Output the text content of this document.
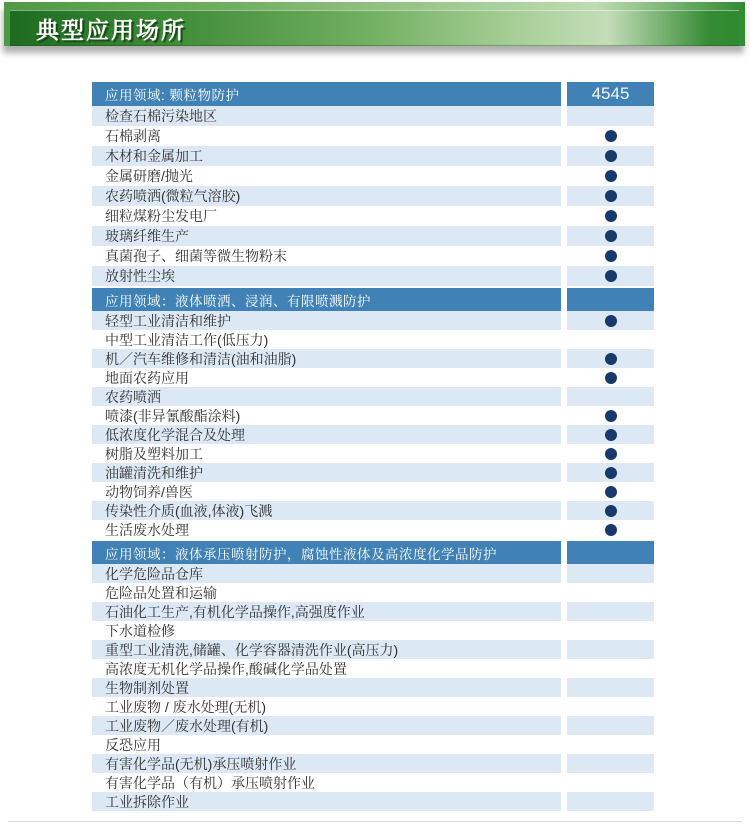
典型应用场所
应用领域: 颗粒物防护	4545
检查石棉污染地区
石棉剥离
木材和金属加工
金属研磨/抛光
农药喷洒(微粒气溶胶)
细粒煤粉尘发电厂
玻璃纤维生产
真菌孢子、细菌等微生物粉末
放射性尘埃
应用领域：液体喷洒、浸润、有限喷溅防护
轻型工业清洁和维护
中型工业清洁工作(低压力)
机／汽车维修和清洁(油和油脂)
地面农药应用
农药喷洒
喷漆(非异氰酸酯涂料)
低浓度化学混合及处理
树脂及塑料加工
油罐清洗和维护
动物饲养/兽医
传染性介质(血液,体液)飞溅
生活废水处理
应用领域：液体承压喷射防护，腐蚀性液体及高浓度化学品防护
化学危险品仓库
危险品处置和运输
石油化工生产,有机化学品操作,高强度作业
下水道检修
重型工业清洗,储罐、化学容器清洗作业(高压力)
高浓度无机化学品操作,酸碱化学品处置
生物制剂处置
工业废物 / 废水处理(无机)
工业废物／废水处理(有机)
反恐应用
有害化学品(无机)承压喷射作业
有害化学品（有机）承压喷射作业
工业拆除作业
